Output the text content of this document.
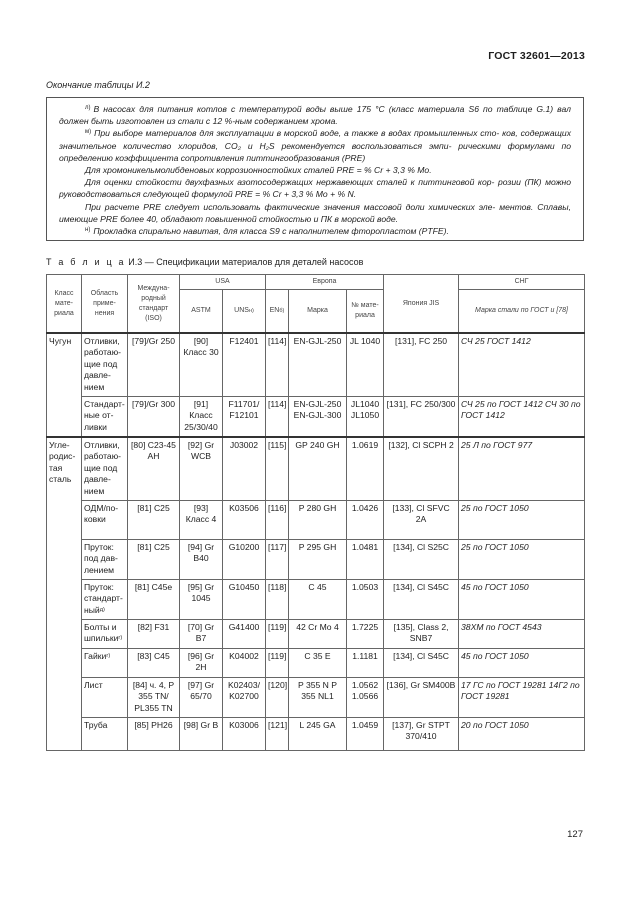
ГОСТ 32601—2013
Окончание таблицы И.2

$^{л)}$ В насосах для питания котлов с температурой воды выше 175 °С (класс материала S6 по таблице G.1) вал должен быть изготовлен из стали с 12 %-ным содержанием хрома.

$^{м)}$ При выборе материалов для эксплуатации в морской воде, а также в водах промышленных сто- ков, содержащих значительное количество хлоридов, CO₂ и H₂S рекомендуется воспользоваться эмпи- рическими формулами по определению коэффициента сопротивления питтингообразования (PRE)

Для хромоникельмолибденовых коррозионностойких сталей PRE = % Cr + 3,3 % Mo.

Для оценки стойкости двухфазных азотосодержащих нержавеющих сталей к питтинговой кор- розии (ПК) можно руководствоваться следующей формулой PRE = % Cr + 3,3 % Mo + % N.

При расчете PRE следует использовать фактические значения массовой доли химических эле- ментов. Сплавы, имеющие PRE более 40, обладают повышенной стойкостью и ПК в морской воде.

$^{н)}$ Прокладка спирально навитая, для класса S9 с наполнителем фторопластом (PTFE).

Т а б л и ц а И.3 — Спецификации материалов для деталей насосов
Класс мате- риала	Область приме- нения	Междуна- родный стандарт (ISO)	USA		Европа			Япония JIS	СНГ
			ASTM	$UNS^{н)}$	$EN^{б)}$	Марка	№ мате- риала		Марка стали по ГОСТ и [78]
Чугун	Отливки, работаю- щие под давле- нием	[79]/Gr 250	[90] Класс 30	F12401	[114]	EN-GJL-250	JL 1040	[131], FC 250	СЧ 25 ГОСТ 1412
	Стандарт- ные от- ливки	[79]/Gr 300	[91] Класс 25/30/40	F11701/ F12101	[114]	EN-GJL-250 EN-GJL-300	JL1040 JL1050	[131], FC 250/300	СЧ 25 по ГОСТ 1412 СЧ 30 по ГОСТ 1412
Угле- родис- тая сталь	Отливки, работаю- щие под давле- нием	[80] C23-45 AH	[92] Gr WCB	J03002	[115]	GP 240 GH	1.0619	[132], Cl SCPH 2	25 Л по ГОСТ 977
	ОДМ/по- ковки	[81] C25	[93] Класс 4	K03506	[116]	P 280 GH	1.0426	[133], Cl SFVC 2A	25 по ГОСТ 1050
	Пруток: под дав- лением	[81] C25	[94] Gr B40	G10200	[117]	P 295 GH	1.0481	[134], Cl S25C	25 по ГОСТ 1050
	Пруток: стандарт- ный$^{д)}$	[81] C45e	[95] Gr 1045	G10450	[118]	C 45	1.0503	[134], Cl S45C	45 по ГОСТ 1050
	Болты и шпильки$^{г)}$	[82] F31	[70] Gr B7	G41400	[119]	42 Cr Mo 4	1.7225	[135], Class 2, SNB7	38ХМ по ГОСТ 4543
	Гайки$^{г)}$	[83] C45	[96] Gr 2H	K04002	[119]	C 35 E	1.1181	[134], Cl S45C	45 по ГОСТ 1050
	Лист	[84] ч. 4, P 355 TN/ PL355 TN	[97] Gr 65/70	K02403/ K02700	[120]	P 355 N P 355 NL1	1.0562 1.0566	[136], Gr SM400B	17 ГС по ГОСТ 19281 14Г2 по ГОСТ 19281
	Труба	[85] PH26	[98] Gr B	K03006	[121]	L 245 GA	1.0459	[137], Gr STPT 370/410	20 по ГОСТ 1050
127
